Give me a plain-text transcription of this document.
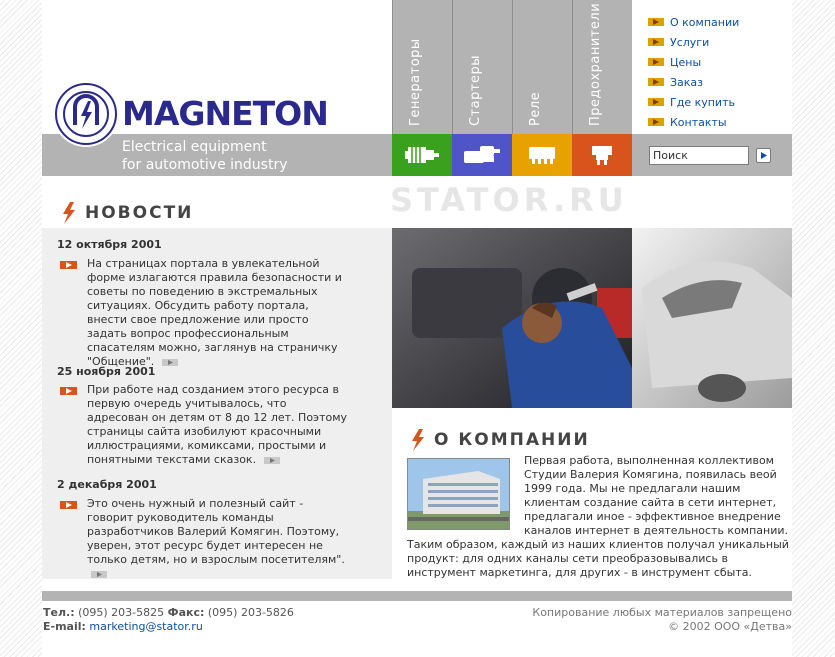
MAGNETON
Electrical equipment
for automotive industry
Генераторы	Стартеры	Реле	Предохранители	О компании
Услуги
Цены
Заказ
Где купить
Контакты
Поиск
STATOR.RU
НОВОСТИ
12 октября 2001
На страницах портала в увлекательной форме излагаются правила безопасности и советы по поведению в экстремальных ситуациях. Обсудить работу портала, внести свое предложение или просто задать вопрос профессиональным спасателям можно, заглянув на страничку "Общение".
25 ноября 2001
При работе над созданием этого ресурса в первую очередь учитывалось, что адресован он детям от 8 до 12 лет. Поэтому страницы сайта изобилуют красочными иллюстрациями, комиксами, простыми и понятными текстами сказок.
2 декабря 2001
Это очень нужный и полезный сайт - говорит руководитель команды разработчиков Валерий Комягин. Поэтому, уверен, этот ресурс будет интересен не только детям, но и взрослым посетителям".
О КОМПАНИИ
Первая работа, выполненная коллективом Студии Валерия Комягина, появилась веой 1999 года. Мы не предлагали нашим клиентам создание сайта в сети интернет, предлагали иное - эффективное внедрение каналов интернет в деятельность компании. Таким образом, каждый из наших клиентов получал уникальный продукт: для одних каналы сети преобразовывались в инструмент маркетинга, для других - в инструмент сбыта.
Тел.: (095) 203-5825 Факс: (095) 203-5826
E-mail: marketing@stator.ru
Копирование любых материалов запрещено
© 2002 ООО «Детва»
